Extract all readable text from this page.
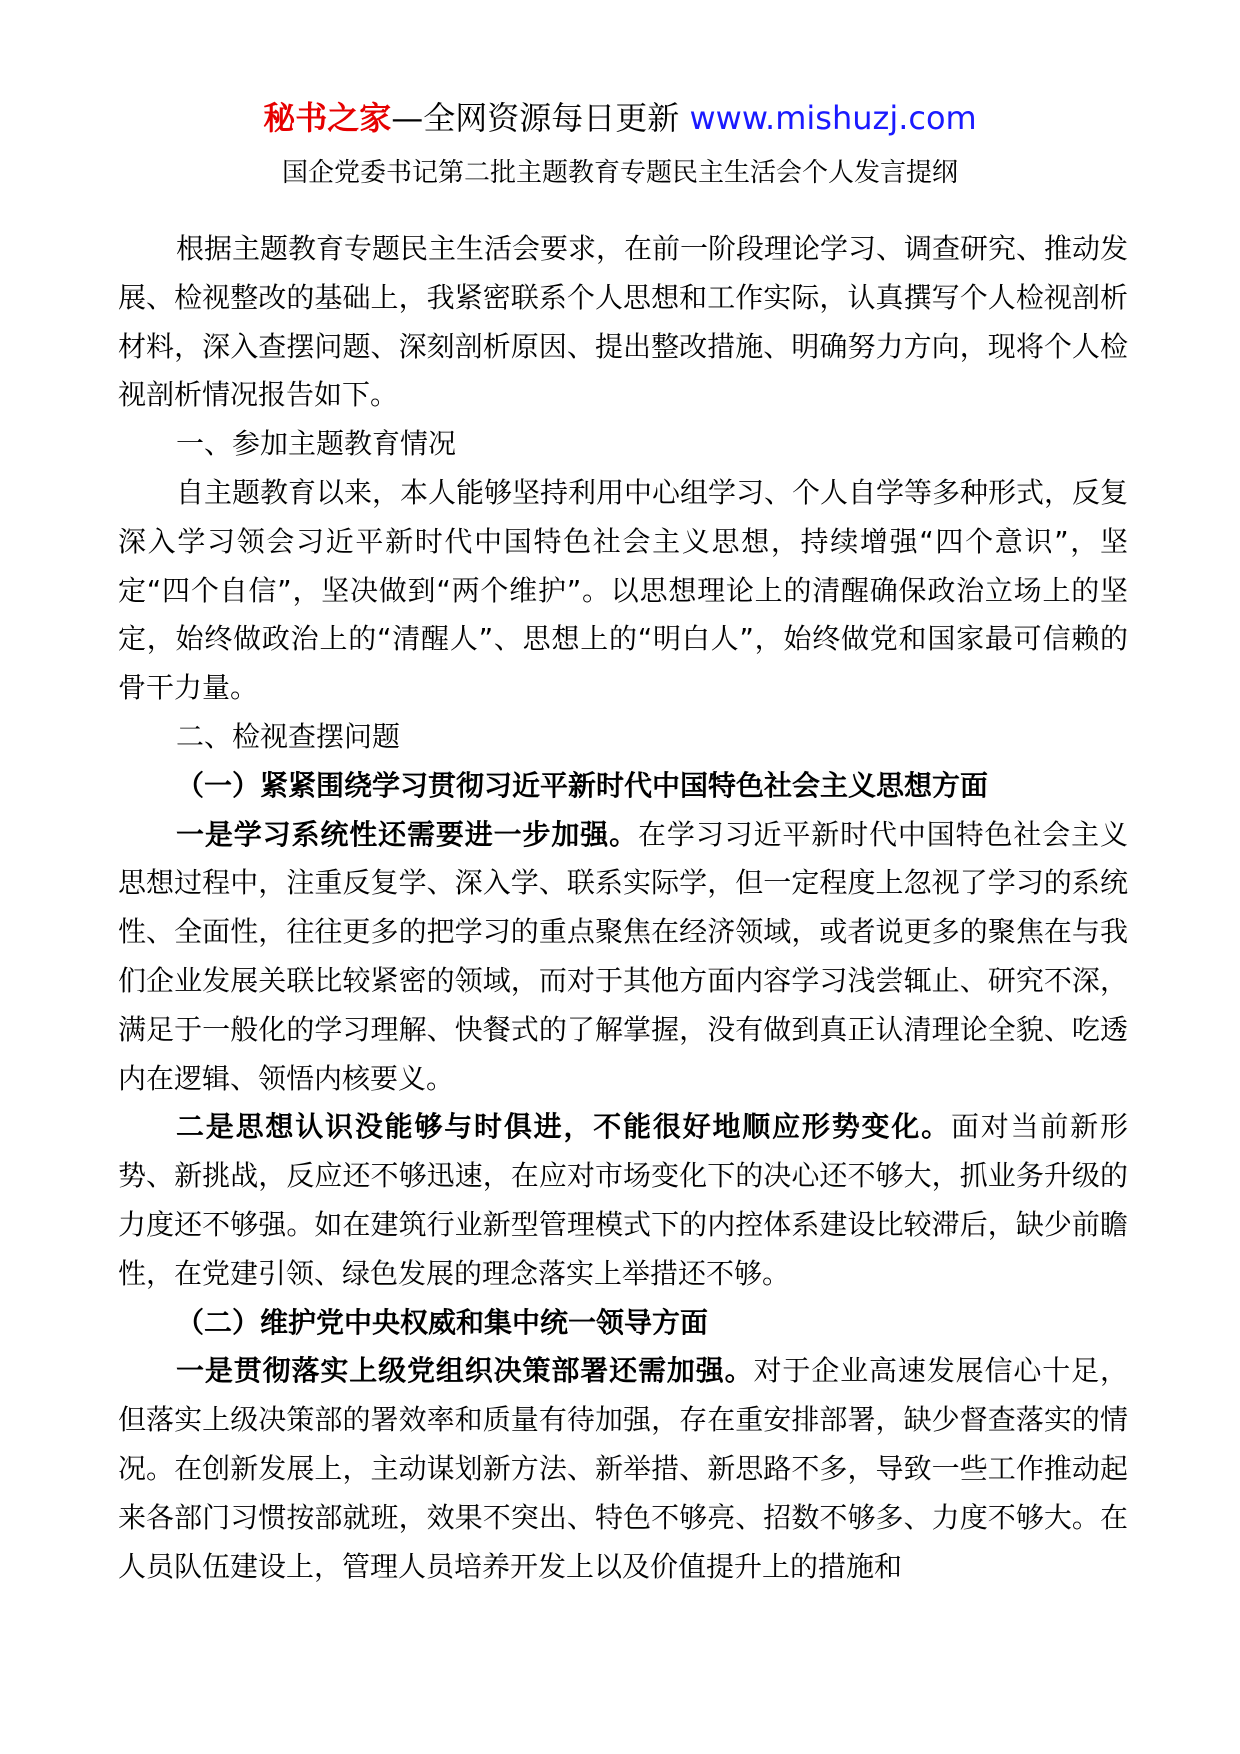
秘书之家—全网资源每日更新 www.mishuzj.com
国企党委书记第二批主题教育专题民主生活会个人发言提纲

根据主题教育专题民主生活会要求，在前一阶段理论学习、调查研究、推动发展、检视整改的基础上，我紧密联系个人思想和工作实际，认真撰写个人检视剖析材料，深入查摆问题、深刻剖析原因、提出整改措施、明确努力方向，现将个人检视剖析情况报告如下。

一、参加主题教育情况

自主题教育以来，本人能够坚持利用中心组学习、个人自学等多种形式，反复深入学习领会习近平新时代中国特色社会主义思想，持续增强“四个意识”，坚定“四个自信”，坚决做到“两个维护”。以思想理论上的清醒确保政治立场上的坚定，始终做政治上的“清醒人”、思想上的“明白人”，始终做党和国家最可信赖的骨干力量。

二、检视查摆问题

（一）紧紧围绕学习贯彻习近平新时代中国特色社会主义思想方面

一是学习系统性还需要进一步加强。在学习习近平新时代中国特色社会主义思想过程中，注重反复学、深入学、联系实际学，但一定程度上忽视了学习的系统性、全面性，往往更多的把学习的重点聚焦在经济领域，或者说更多的聚焦在与我们企业发展关联比较紧密的领域，而对于其他方面内容学习浅尝辄止、研究不深，满足于一般化的学习理解、快餐式的了解掌握，没有做到真正认清理论全貌、吃透内在逻辑、领悟内核要义。

二是思想认识没能够与时俱进，不能很好地顺应形势变化。面对当前新形势、新挑战，反应还不够迅速，在应对市场变化下的决心还不够大，抓业务升级的力度还不够强。如在建筑行业新型管理模式下的内控体系建设比较滞后，缺少前瞻性，在党建引领、绿色发展的理念落实上举措还不够。

（二）维护党中央权威和集中统一领导方面

一是贯彻落实上级党组织决策部署还需加强。对于企业高速发展信心十足，但落实上级决策部的署效率和质量有待加强，存在重安排部署，缺少督查落实的情况。在创新发展上，主动谋划新方法、新举措、新思路不多，导致一些工作推动起来各部门习惯按部就班，效果不突出、特色不够亮、招数不够多、力度不够大。在人员队伍建设上，管理人员培养开发上以及价值提升上的措施和
